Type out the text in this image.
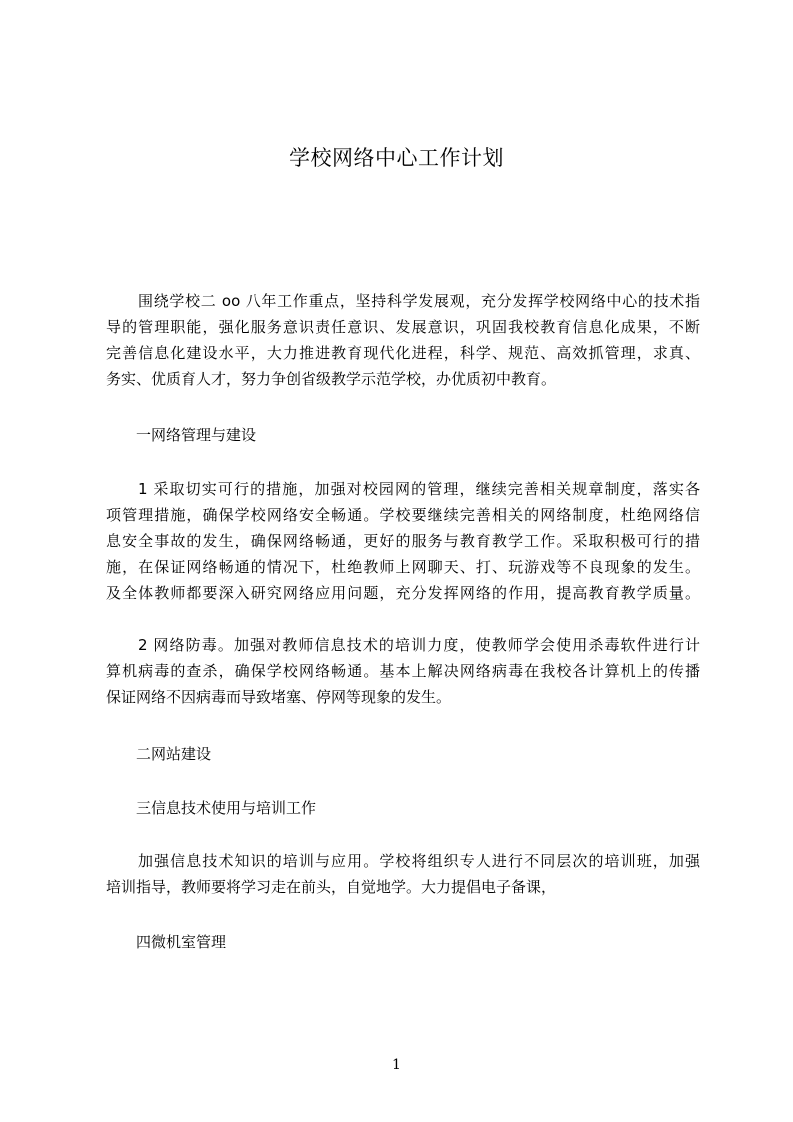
学校网络中心工作计划
围绕学校二 oo 八年工作重点，坚持科学发展观，充分发挥学校网络中心的技术指
导的管理职能，强化服务意识责任意识、发展意识，巩固我校教育信息化成果，不断
完善信息化建设水平，大力推进教育现代化进程，科学、规范、高效抓管理，求真、
务实、优质育人才，努力争创省级教学示范学校，办优质初中教育。
一网络管理与建设
1 采取切实可行的措施，加强对校园网的管理，继续完善相关规章制度，落实各
项管理措施，确保学校网络安全畅通。学校要继续完善相关的网络制度，杜绝网络信
息安全事故的发生，确保网络畅通，更好的服务与教育教学工作。采取积极可行的措
施，在保证网络畅通的情况下，杜绝教师上网聊天、打、玩游戏等不良现象的发生。
及全体教师都要深入研究网络应用问题，充分发挥网络的作用，提高教育教学质量。
2 网络防毒。加强对教师信息技术的培训力度，使教师学会使用杀毒软件进行计
算机病毒的查杀，确保学校网络畅通。基本上解决网络病毒在我校各计算机上的传播
保证网络不因病毒而导致堵塞、停网等现象的发生。
二网站建设
三信息技术使用与培训工作
加强信息技术知识的培训与应用。学校将组织专人进行不同层次的培训班，加强
培训指导，教师要将学习走在前头，自觉地学。大力提倡电子备课，
四微机室管理
1
